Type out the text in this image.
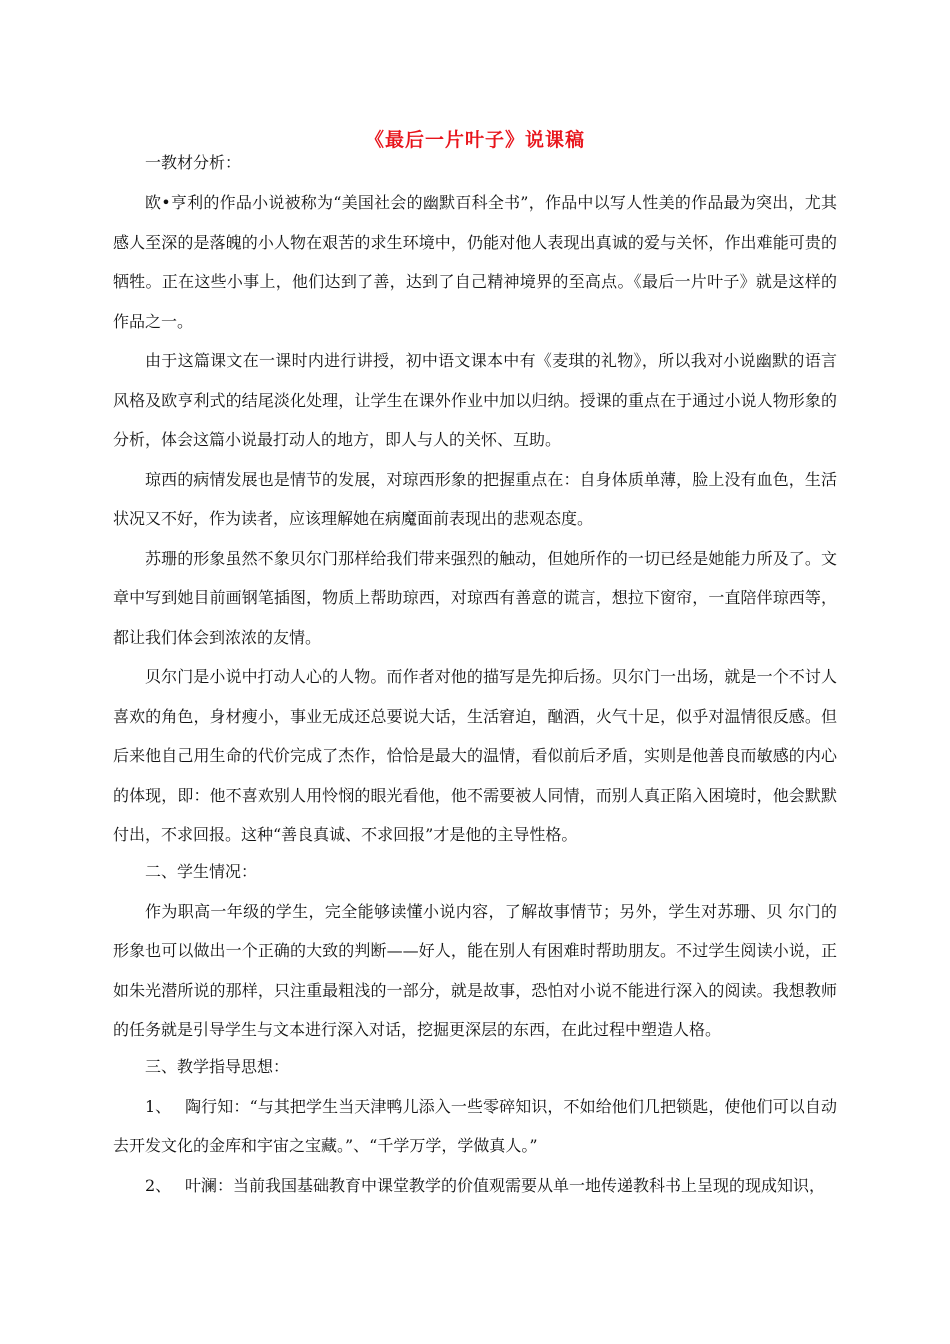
《最后一片叶子》说课稿

一教材分析：

欧•亨利的作品小说被称为“美国社会的幽默百科全书”，作品中以写人性美的作品最为突出，尤其感人至深的是落魄的小人物在艰苦的求生环境中，仍能对他人表现出真诚的爱与关怀，作出难能可贵的牺牲。正在这些小事上，他们达到了善，达到了自己精神境界的至高点。《最后一片叶子》就是这样的作品之一。

由于这篇课文在一课时内进行讲授，初中语文课本中有《麦琪的礼物》，所以我对小说幽默的语言风格及欧亨利式的结尾淡化处理，让学生在课外作业中加以归纳。授课的重点在于通过小说人物形象的分析，体会这篇小说最打动人的地方，即人与人的关怀、互助。

琼西的病情发展也是情节的发展，对琼西形象的把握重点在：自身体质单薄，脸上没有血色，生活状况又不好，作为读者，应该理解她在病魔面前表现出的悲观态度。

苏珊的形象虽然不象贝尔门那样给我们带来强烈的触动，但她所作的一切已经是她能力所及了。文章中写到她目前画钢笔插图，物质上帮助琼西，对琼西有善意的谎言，想拉下窗帘，一直陪伴琼西等，都让我们体会到浓浓的友情。

贝尔门是小说中打动人心的人物。而作者对他的描写是先抑后扬。贝尔门一出场，就是一个不讨人喜欢的角色，身材瘦小，事业无成还总要说大话，生活窘迫，酗酒，火气十足，似乎对温情很反感。但后来他自己用生命的代价完成了杰作，恰恰是最大的温情，看似前后矛盾，实则是他善良而敏感的内心的体现，即：他不喜欢别人用怜悯的眼光看他，他不需要被人同情，而别人真正陷入困境时，他会默默付出，不求回报。这种“善良真诚、不求回报”才是他的主导性格。

二、学生情况：

作为职高一年级的学生，完全能够读懂小说内容，了解故事情节；另外，学生对苏珊、贝 尔门的形象也可以做出一个正确的大致的判断——好人，能在别人有困难时帮助朋友。不过学生阅读小说，正如朱光潜所说的那样，只注重最粗浅的一部分，就是故事，恐怕对小说不能进行深入的阅读。我想教师的任务就是引导学生与文本进行深入对话，挖掘更深层的东西，在此过程中塑造人格。

三、教学指导思想：

1、 陶行知：“与其把学生当天津鸭儿添入一些零碎知识，不如给他们几把锁匙，使他们可以自动去开发文化的金库和宇宙之宝藏。”、“千学万学，学做真人。”

2、 叶澜：当前我国基础教育中课堂教学的价值观需要从单一地传递教科书上呈现的现成知识，
